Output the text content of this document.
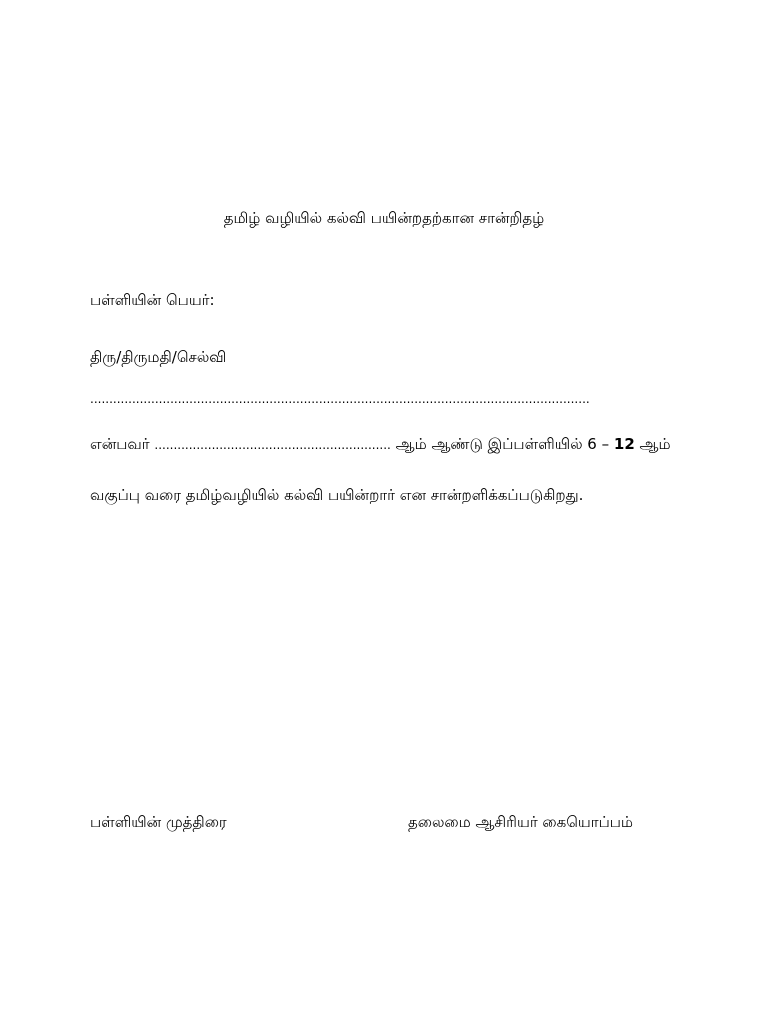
தமிழ் வழியில் கல்வி பயின்றதற்கான சான்றிதழ்
பள்ளியின் பெயர்:
திரு/திருமதி/செல்வி
...................................................................................................................................
என்பவர் .............................................................. ஆம் ஆண்டு இப்பள்ளியில் 6 – 12 ஆம்
வகுப்பு வரை தமிழ்வழியில் கல்வி பயின்றார் என சான்றளிக்கப்படுகிறது.
பள்ளியின் முத்திரை	தலைமை ஆசிரியர் கையொப்பம்
